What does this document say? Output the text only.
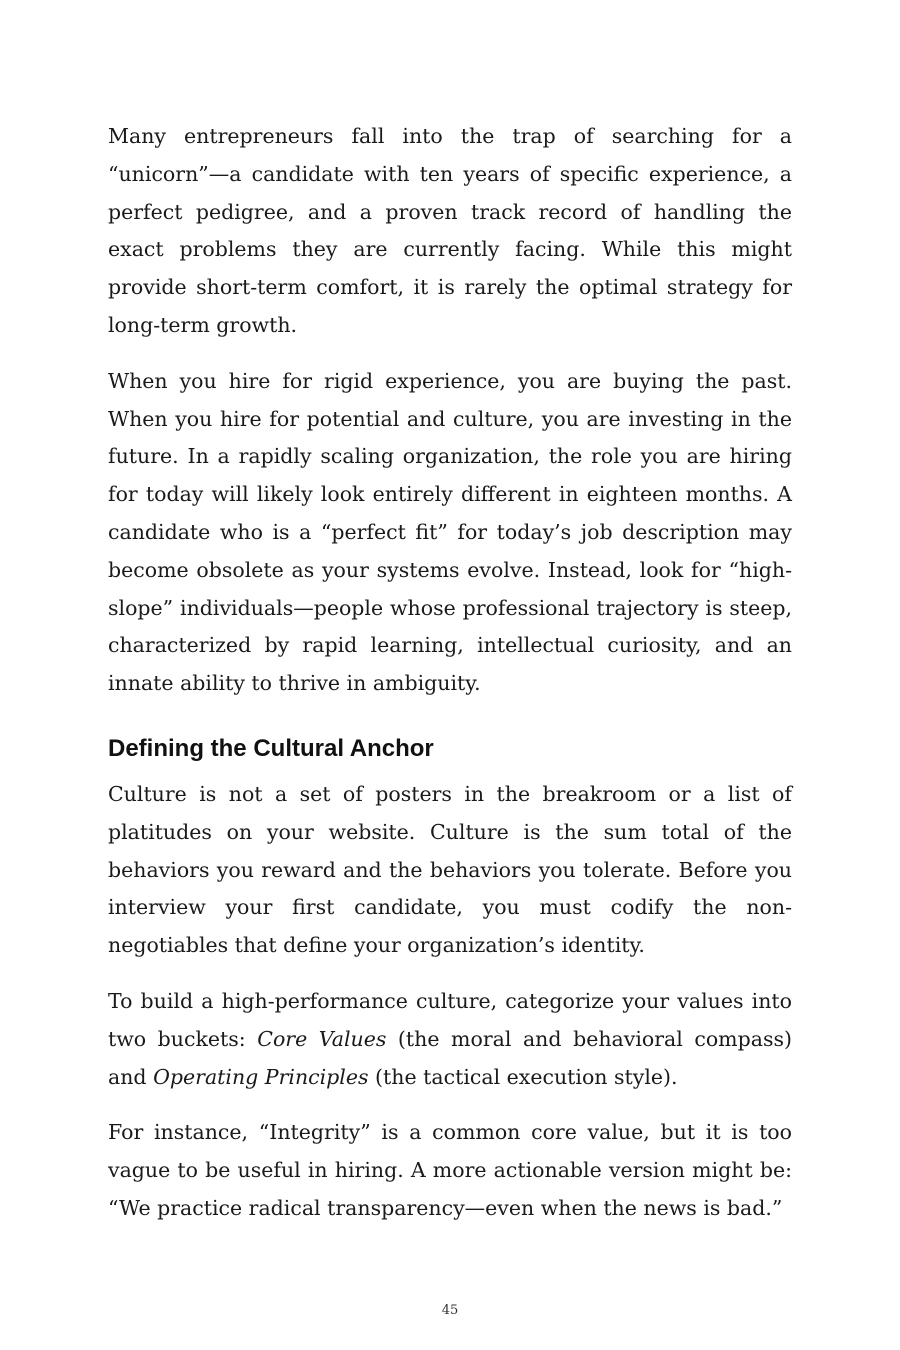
Many entrepreneurs fall into the trap of searching for a “unicorn”—a candidate with ten years of specific experience, a perfect pedigree, and a proven track record of handling the exact problems they are currently facing. While this might provide short-term comfort, it is rarely the optimal strategy for long-term growth.

When you hire for rigid experience, you are buying the past. When you hire for potential and culture, you are investing in the future. In a rapidly scaling organization, the role you are hiring for today will likely look entirely different in eighteen months. A candidate who is a “perfect fit” for today’s job description may become obsolete as your systems evolve. Instead, look for “high-slope” individuals—people whose professional trajectory is steep, characterized by rapid learning, intellectual curiosity, and an innate ability to thrive in ambiguity.

Defining the Cultural Anchor

Culture is not a set of posters in the breakroom or a list of platitudes on your website. Culture is the sum total of the behaviors you reward and the behaviors you tolerate. Before you interview your first candidate, you must codify the non-negotiables that define your organization’s identity.

To build a high-performance culture, categorize your values into two buckets: Core Values (the moral and behavioral compass) and Operating Principles (the tactical execution style).

For instance, “Integrity” is a common core value, but it is too vague to be useful in hiring. A more actionable version might be: “We practice radical transparency—even when the news is bad.”

45
